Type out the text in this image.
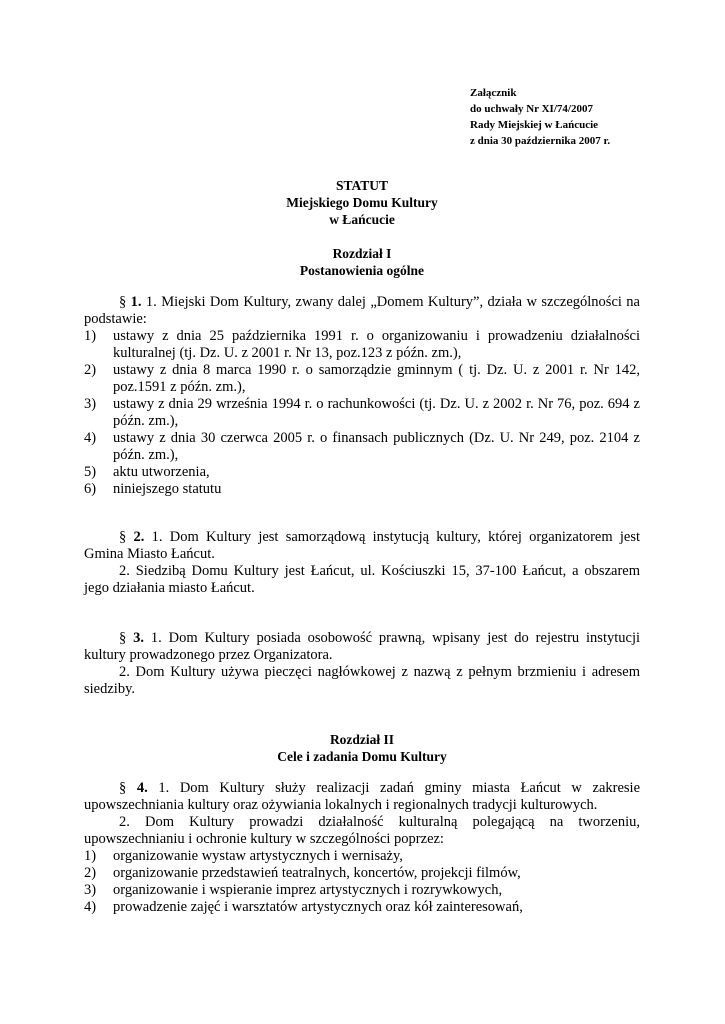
Załącznik
do uchwały Nr XI/74/2007
Rady Miejskiej w Łańcucie
z dnia 30 października 2007 r.
STATUT
Miejskiego Domu Kultury
w Łańcucie
Rozdział I
Postanowienia ogólne

§ 1. 1. Miejski Dom Kultury, zwany dalej „Domem Kultury”, działa w szczególności na podstawie:

1) ustawy z dnia 25 października 1991 r. o organizowaniu i prowadzeniu działalności kulturalnej (tj. Dz. U. z 2001 r. Nr 13, poz.123 z późn. zm.),
2) ustawy z dnia 8 marca 1990 r. o samorządzie gminnym ( tj. Dz. U. z 2001 r. Nr 142, poz.1591 z późn. zm.),
3) ustawy z dnia 29 września 1994 r. o rachunkowości (tj. Dz. U. z 2002 r. Nr 76, poz. 694 z późn. zm.),
4) ustawy z dnia 30 czerwca 2005 r. o finansach publicznych (Dz. U. Nr 249, poz. 2104 z późn. zm.),
5) aktu utworzenia,
6) niniejszego statutu

§ 2. 1. Dom Kultury jest samorządową instytucją kultury, której organizatorem jest Gmina Miasto Łańcut.

2. Siedzibą Domu Kultury jest Łańcut, ul. Kościuszki 15, 37-100 Łańcut, a obszarem jego działania miasto Łańcut.

§ 3. 1. Dom Kultury posiada osobowość prawną, wpisany jest do rejestru instytucji kultury prowadzonego przez Organizatora.

2. Dom Kultury używa pieczęci nagłówkowej z nazwą z pełnym brzmieniu i adresem siedziby.

Rozdział II
Cele i zadania Domu Kultury

§ 4. 1. Dom Kultury służy realizacji zadań gminy miasta Łańcut w zakresie upowszechniania kultury oraz ożywiania lokalnych i regionalnych tradycji kulturowych.

2. Dom Kultury prowadzi działalność kulturalną polegającą na tworzeniu, upowszechnianiu i ochronie kultury w szczególności poprzez:

1) organizowanie wystaw artystycznych i wernisaży,
2) organizowanie przedstawień teatralnych, koncertów, projekcji filmów,
3) organizowanie i wspieranie imprez artystycznych i rozrywkowych,
4) prowadzenie zajęć i warsztatów artystycznych oraz kół zainteresowań,
